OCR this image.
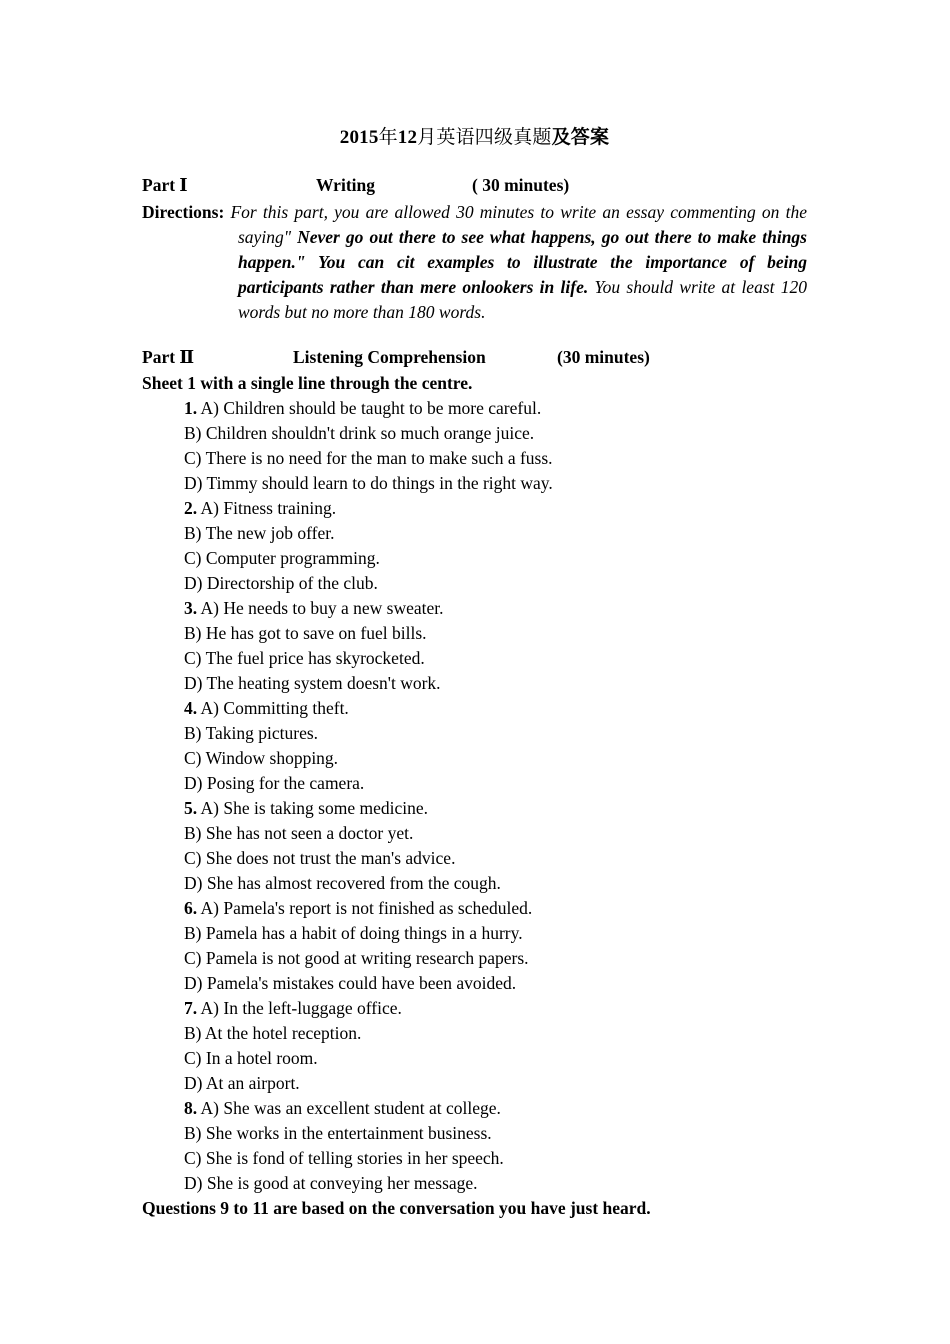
2015年12月英语四级真题及答案
Part Ⅰ	Writing	( 30 minutes)

Directions: For this part, you are allowed 30 minutes to write an essay commenting on the saying" Never go out there to see what happens, go out there to make things happen." You can cit examples to illustrate the importance of being participants rather than mere onlookers in life. You should write at least 120 words but no more than 180 words.

Part Ⅱ	Listening Comprehension	(30 minutes)

Sheet 1 with a single line through the centre.

1. A) Children should be taught to be more careful.
B) Children shouldn't drink so much orange juice.
C) There is no need for the man to make such a fuss.
D) Timmy should learn to do things in the right way.
2. A) Fitness training.
B) The new job offer.
C) Computer programming.
D) Directorship of the club.
3. A) He needs to buy a new sweater.
B) He has got to save on fuel bills.
C) The fuel price has skyrocketed.
D) The heating system doesn't work.
4. A) Committing theft.
B) Taking pictures.
C) Window shopping.
D) Posing for the camera.
5. A) She is taking some medicine.
B) She has not seen a doctor yet.
C) She does not trust the man's advice.
D) She has almost recovered from the cough.
6. A) Pamela's report is not finished as scheduled.
B) Pamela has a habit of doing things in a hurry.
C) Pamela is not good at writing research papers.
D) Pamela's mistakes could have been avoided.
7. A) In the left-luggage office.
B) At the hotel reception.
C) In a hotel room.
D) At an airport.
8. A) She was an excellent student at college.
B) She works in the entertainment business.
C) She is fond of telling stories in her speech.
D) She is good at conveying her message.

Questions 9 to 11 are based on the conversation you have just heard.
